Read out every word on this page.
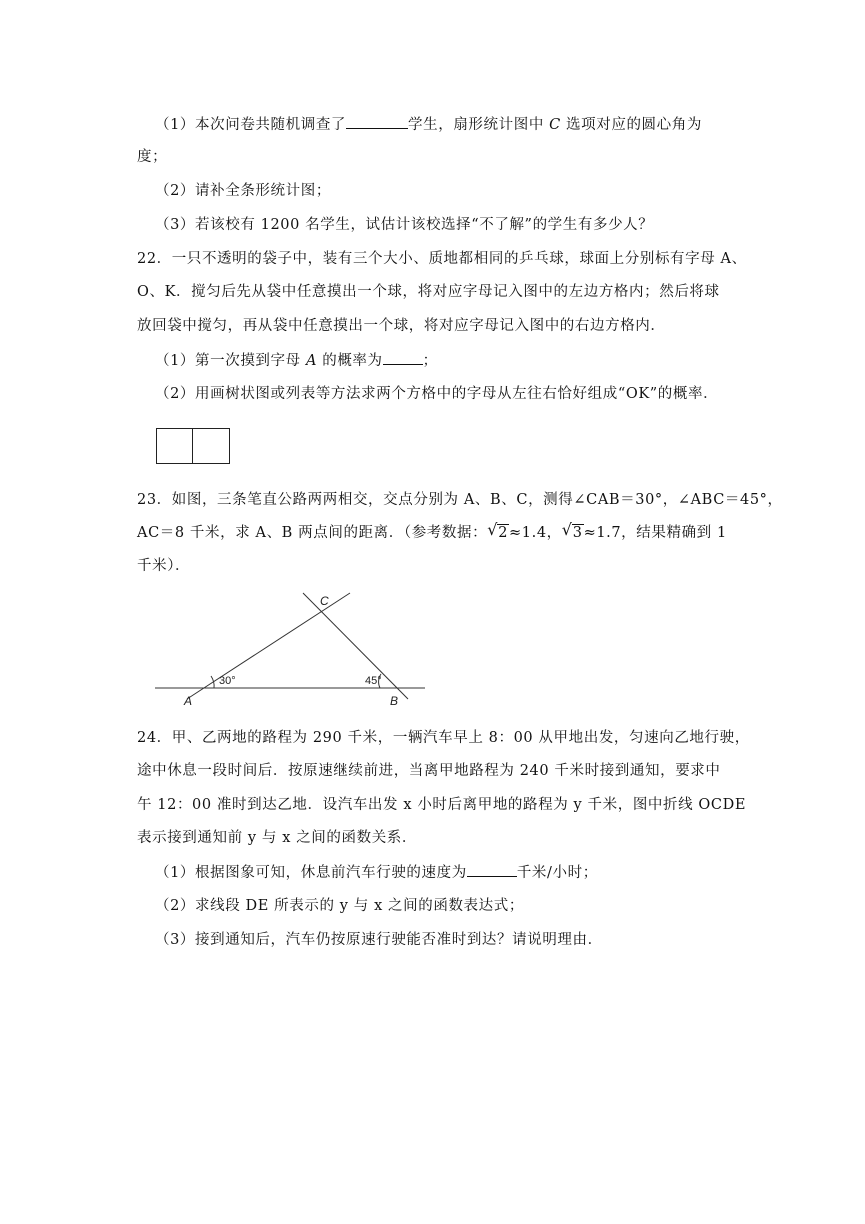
（1）本次问卷共随机调查了	学生，扇形统计图中 C 选项对应的圆心角为
度；
（2）请补全条形统计图；
（3）若该校有 1200 名学生，试估计该校选择“不了解”的学生有多少人？
22．一只不透明的袋子中，装有三个大小、质地都相同的乒乓球，球面上分别标有字母 A、
O、K．搅匀后先从袋中任意摸出一个球，将对应字母记入图中的左边方格内；然后将球
放回袋中搅匀，再从袋中任意摸出一个球，将对应字母记入图中的右边方格内．
（1）第一次摸到字母 A 的概率为	；
（2）用画树状图或列表等方法求两个方格中的字母从左往右恰好组成“OK”的概率．
23．如图，三条笔直公路两两相交，交点分别为 A、B、C，测得∠CAB＝30°，∠ABC＝45°，
AC＝8 千米，求 A、B 两点间的距离．（参考数据： √ 2≈1.4， √ 3≈1.7，结果精确到 1
千米）．
A	B
C
30°	45°
24．甲、乙两地的路程为 290 千米，一辆汽车早上 8：00 从甲地出发，匀速向乙地行驶，
途中休息一段时间后．按原速继续前进，当离甲地路程为 240 千米时接到通知，要求中
午 12：00 准时到达乙地．设汽车出发 x 小时后离甲地的路程为 y 千米，图中折线 OCDE
表示接到通知前 y 与 x 之间的函数关系．
（1）根据图象可知，休息前汽车行驶的速度为	千米/小时；
（2）求线段 DE 所表示的 y 与 x 之间的函数表达式；
（3）接到通知后，汽车仍按原速行驶能否准时到达？请说明理由．
